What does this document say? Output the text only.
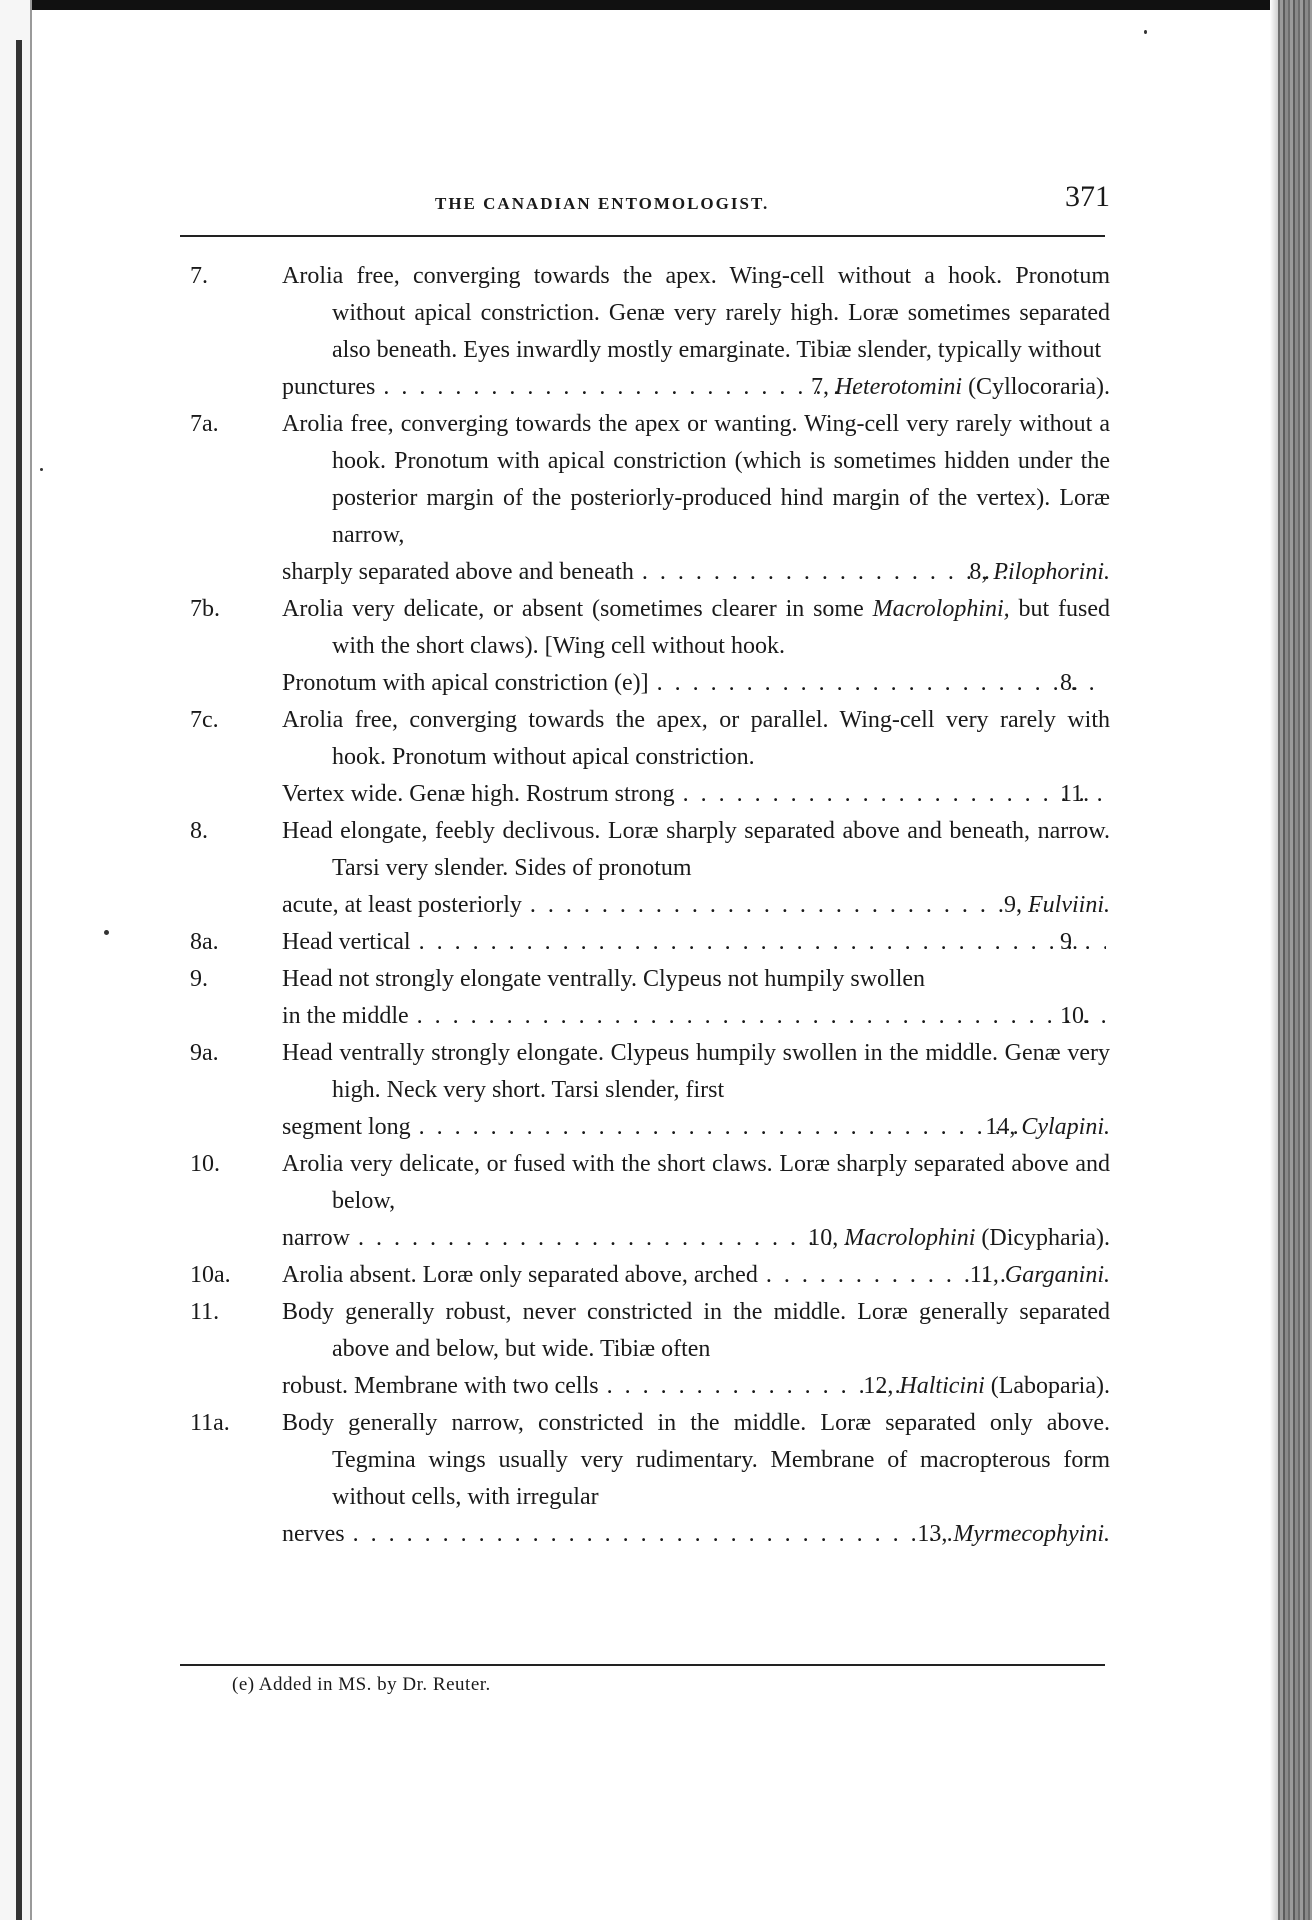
THE CANADIAN ENTOMOLOGIST.	371
7.	Arolia free, converging towards the apex. Wing-cell without a hook. Pronotum without apical constriction. Genæ very rarely high. Loræ sometimes separated also beneath. Eyes inwardly mostly emarginate. Tibiæ slender, typically without
punctures . . .	7, Heterotomini (Cyllocoraria).
7a.	Arolia free, converging towards the apex or wanting. Wing-cell very rarely without a hook. Pronotum with apical constriction (which is sometimes hidden under the posterior margin of the posteriorly-produced hind margin of the vertex). Loræ narrow,
sharply separated above and beneath . . .	8, Pilophorini.
7b.	Arolia very delicate, or absent (sometimes clearer in some Macrolophini, but fused with the short claws). [Wing cell without hook.
Pronotum with apical constriction (e)] . . .	8.
7c.	Arolia free, converging towards the apex, or parallel. Wing-cell very rarely with hook. Pronotum without apical constriction.
Vertex wide. Genæ high. Rostrum strong . . .	11.
8.	Head elongate, feebly declivous. Loræ sharply separated above and beneath, narrow. Tarsi very slender. Sides of pronotum
acute, at least posteriorly . . .	9, Fulviini.
8a.	Head vertical . . .	9.
9.	Head not strongly elongate ventrally. Clypeus not humpily swollen
in the middle . . .	10.
9a.	Head ventrally strongly elongate. Clypeus humpily swollen in the middle. Genæ very high. Neck very short. Tarsi slender, first
segment long . . .	14, Cylapini.
10.	Arolia very delicate, or fused with the short claws. Loræ sharply separated above and below,
narrow . . .	10, Macrolophini (Dicypharia).
10a.	Arolia absent. Loræ only separated above, arched . . .	11, Garganini.
11.	Body generally robust, never constricted in the middle. Loræ generally separated above and below, but wide. Tibiæ often
robust. Membrane with two cells . . .	12, Halticini (Laboparia).
11a.	Body generally narrow, constricted in the middle. Loræ separated only above. Tegmina wings usually very rudimentary. Membrane of macropterous form without cells, with irregular
nerves . . .	13, Myrmecophyini.
(e) Added in MS. by Dr. Reuter.
